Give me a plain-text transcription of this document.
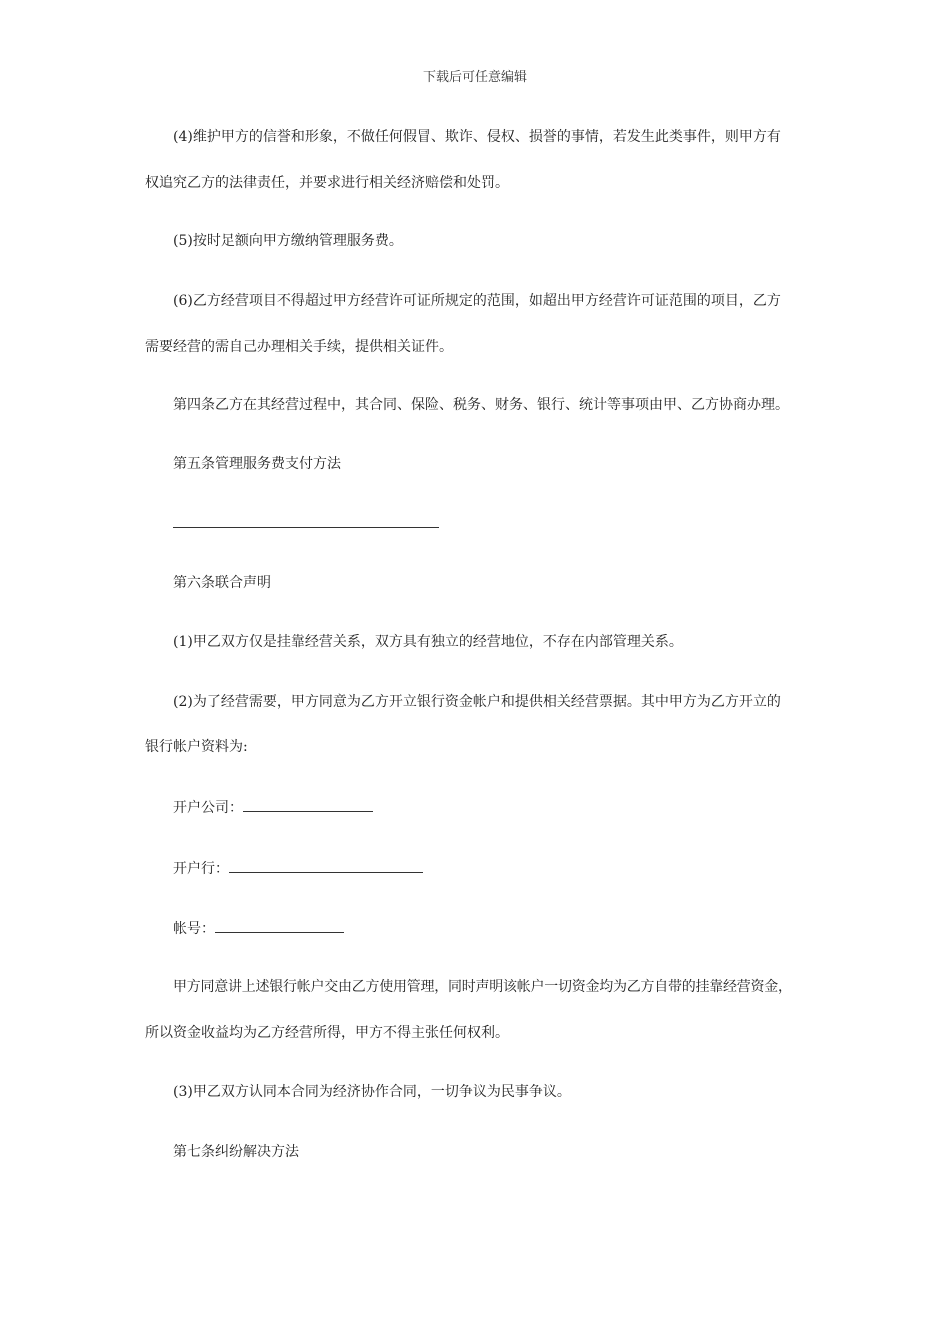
下载后可任意编辑
(4)维护甲方的信誉和形象，不做任何假冒、欺诈、侵权、损誉的事情，若发生此类事件，则甲方有
权追究乙方的法律责任，并要求进行相关经济赔偿和处罚。
(5)按时足额向甲方缴纳管理服务费。
(6)乙方经营项目不得超过甲方经营许可证所规定的范围，如超出甲方经营许可证范围的项目，乙方
需要经营的需自己办理相关手续，提供相关证件。
第四条乙方在其经营过程中，其合同、保险、税务、财务、银行、统计等事项由甲、乙方协商办理。
第五条管理服务费支付方法
第六条联合声明
(1)甲乙双方仅是挂靠经营关系，双方具有独立的经营地位，不存在内部管理关系。
(2)为了经营需要，甲方同意为乙方开立银行资金帐户和提供相关经营票据。其中甲方为乙方开立的
银行帐户资料为:
开户公司：
开户行：
帐号：
甲方同意讲上述银行帐户交由乙方使用管理，同时声明该帐户一切资金均为乙方自带的挂靠经营资金，
所以资金收益均为乙方经营所得，甲方不得主张任何权利。
(3)甲乙双方认同本合同为经济协作合同，一切争议为民事争议。
第七条纠纷解决方法
